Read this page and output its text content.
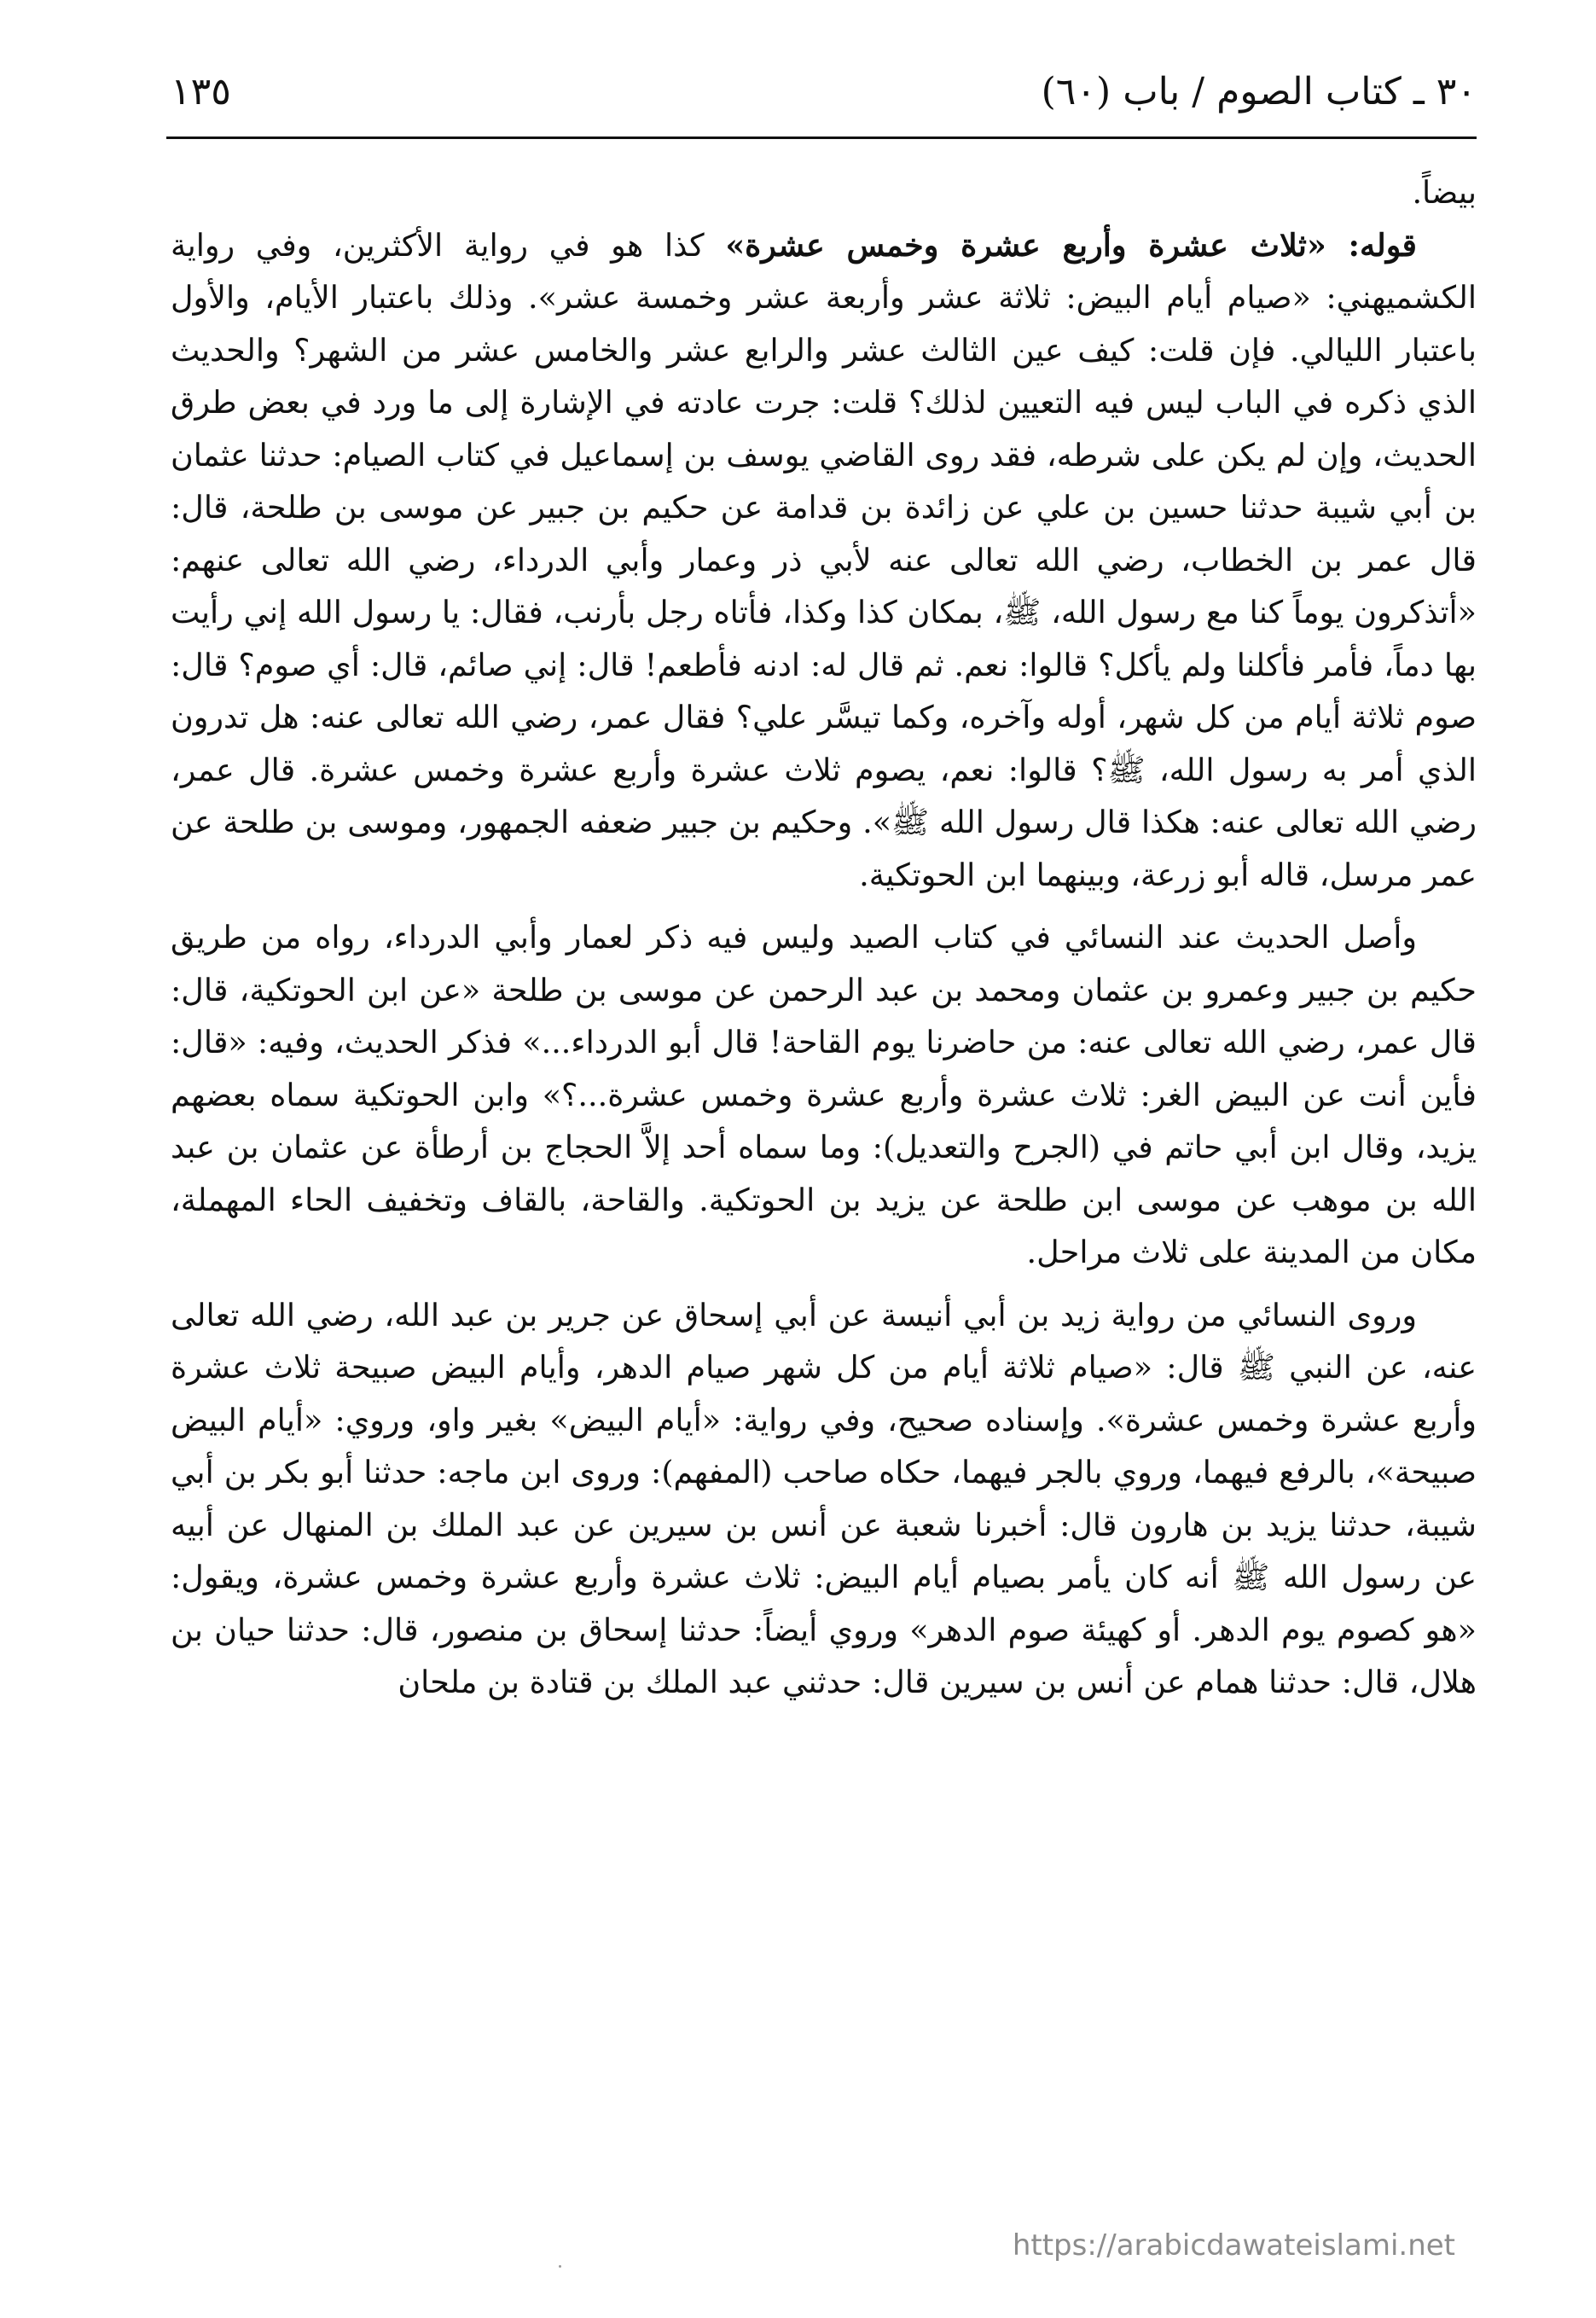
٣٠ ـ كتاب الصوم / باب (٦٠)
١٣٥

بيضاً.

قوله: «ثلاث عشرة وأربع عشرة وخمس عشرة» كذا هو في رواية الأكثرين، وفي رواية الكشميهني: «صيام أيام البيض: ثلاثة عشر وأربعة عشر وخمسة عشر». وذلك باعتبار الأيام، والأول باعتبار الليالي. فإن قلت: كيف عين الثالث عشر والرابع عشر والخامس عشر من الشهر؟ والحديث الذي ذكره في الباب ليس فيه التعيين لذلك؟ قلت: جرت عادته في الإشارة إلى ما ورد في بعض طرق الحديث، وإن لم يكن على شرطه، فقد روى القاضي يوسف بن إسماعيل في كتاب الصيام: حدثنا عثمان بن أبي شيبة حدثنا حسين بن علي عن زائدة بن قدامة عن حكيم بن جبير عن موسى بن طلحة، قال: قال عمر بن الخطاب، رضي الله تعالى عنه لأبي ذر وعمار وأبي الدرداء، رضي الله تعالى عنهم: «أتذكرون يوماً كنا مع رسول الله، ﷺ، بمكان كذا وكذا، فأتاه رجل بأرنب، فقال: يا رسول الله إني رأيت بها دماً، فأمر فأكلنا ولم يأكل؟ قالوا: نعم. ثم قال له: ادنه فأطعم! قال: إني صائم، قال: أي صوم؟ قال: صوم ثلاثة أيام من كل شهر، أوله وآخره، وكما تيسَّر علي؟ فقال عمر، رضي الله تعالى عنه: هل تدرون الذي أمر به رسول الله، ﷺ؟ قالوا: نعم، يصوم ثلاث عشرة وأربع عشرة وخمس عشرة. قال عمر، رضي الله تعالى عنه: هكذا قال رسول الله ﷺ». وحكيم بن جبير ضعفه الجمهور، وموسى بن طلحة عن عمر مرسل، قاله أبو زرعة، وبينهما ابن الحوتكية.

وأصل الحديث عند النسائي في كتاب الصيد وليس فيه ذكر لعمار وأبي الدرداء، رواه من طريق حكيم بن جبير وعمرو بن عثمان ومحمد بن عبد الرحمن عن موسى بن طلحة «عن ابن الحوتكية، قال: قال عمر، رضي الله تعالى عنه: من حاضرنا يوم القاحة! قال أبو الدرداء...» فذكر الحديث، وفيه: «قال: فأين أنت عن البيض الغر: ثلاث عشرة وأربع عشرة وخمس عشرة...؟» وابن الحوتكية سماه بعضهم يزيد، وقال ابن أبي حاتم في (الجرح والتعديل): وما سماه أحد إلاَّ الحجاج بن أرطأة عن عثمان بن عبد الله بن موهب عن موسى ابن طلحة عن يزيد بن الحوتكية. والقاحة، بالقاف وتخفيف الحاء المهملة، مكان من المدينة على ثلاث مراحل.

وروى النسائي من رواية زيد بن أبي أنيسة عن أبي إسحاق عن جرير بن عبد الله، رضي الله تعالى عنه، عن النبي ﷺ قال: «صيام ثلاثة أيام من كل شهر صيام الدهر، وأيام البيض صبيحة ثلاث عشرة وأربع عشرة وخمس عشرة». وإسناده صحيح، وفي رواية: «أيام البيض» بغير واو، وروي: «أيام البيض صبيحة»، بالرفع فيهما، وروي بالجر فيهما، حكاه صاحب (المفهم): وروى ابن ماجه: حدثنا أبو بكر بن أبي شيبة، حدثنا يزيد بن هارون قال: أخبرنا شعبة عن أنس بن سيرين عن عبد الملك بن المنهال عن أبيه عن رسول الله ﷺ أنه كان يأمر بصيام أيام البيض: ثلاث عشرة وأربع عشرة وخمس عشرة، ويقول: «هو كصوم يوم الدهر. أو كهيئة صوم الدهر» وروي أيضاً: حدثنا إسحاق بن منصور، قال: حدثنا حيان بن هلال، قال: حدثنا همام عن أنس بن سيرين قال: حدثني عبد الملك بن قتادة بن ملحان

https://arabicdawateislami.net
